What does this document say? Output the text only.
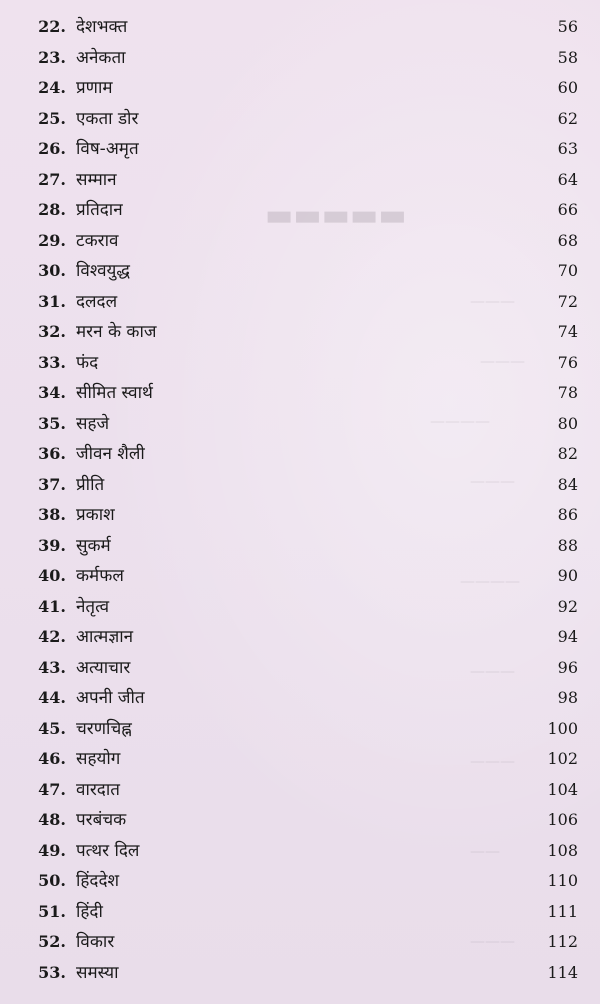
▬▬▬▬▬
———
———
————
———
————
———
———
——
———
22. देशभक्त	56
23. अनेकता	58
24. प्रणाम	60
25. एकता डोर	62
26. विष-अमृत	63
27. सम्मान	64
28. प्रतिदान	66
29. टकराव	68
30. विश्वयुद्ध	70
31. दलदल	72
32. मरन के काज	74
33. फंद	76
34. सीमित स्वार्थ	78
35. सहजे	80
36. जीवन शैली	82
37. प्रीति	84
38. प्रकाश	86
39. सुकर्म	88
40. कर्मफल	90
41. नेतृत्व	92
42. आत्मज्ञान	94
43. अत्याचार	96
44. अपनी जीत	98
45. चरणचिह्न	100
46. सहयोग	102
47. वारदात	104
48. परबंचक	106
49. पत्थर दिल	108
50. हिंददेश	110
51. हिंदी	111
52. विकार	112
53. समस्या	114
